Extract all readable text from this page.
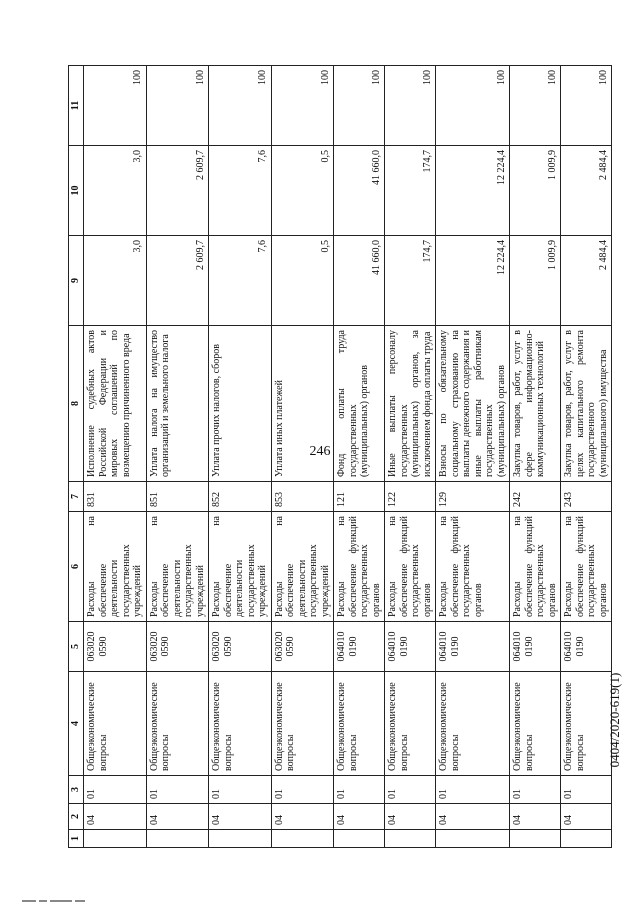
246
1	2	3	4	5	6	7	8	9	10	11
	04	01	Общеэкономические вопросы	063020 0590	Расходы на обеспечение деятельности государственных учреждений	831	Исполнение судебных актов Российской Федерации и мировых соглашений по возмещению причиненного вреда	3,0	3,0	100
	04	01	Общеэкономические вопросы	063020 0590	Расходы на обеспечение деятельности государственных учреждений	851	Уплата налога на имущество организаций и земельного налога	2 609,7	2 609,7	100
	04	01	Общеэкономические вопросы	063020 0590	Расходы на обеспечение деятельности государственных учреждений	852	Уплата прочих налогов, сборов	7,6	7,6	100
	04	01	Общеэкономические вопросы	063020 0590	Расходы на обеспечение деятельности государственных учреждений	853	Уплата иных платежей	0,5	0,5	100
	04	01	Общеэкономические вопросы	064010 0190	Расходы на обеспечение функций государственных органов	121	Фонд оплаты труда государственных (муниципальных) органов	41 660,0	41 660,0	100
	04	01	Общеэкономические вопросы	064010 0190	Расходы на обеспечение функций государственных органов	122	Иные выплаты персоналу государственных (муниципальных) органов, за исключением фонда оплаты труда	174,7	174,7	100
	04	01	Общеэкономические вопросы	064010 0190	Расходы на обеспечение функций государственных органов	129	Взносы по обязательному социальному страхованию на выплаты денежного содержания и иные выплаты работникам государственных (муниципальных) органов	12 224,4	12 224,4	100
	04	01	Общеэкономические вопросы	064010 0190	Расходы на обеспечение функций государственных органов	242	Закупка товаров, работ, услуг в сфере информационно-коммуникационных технологий	1 009,9	1 009,9	100
	04	01	Общеэкономические вопросы	064010 0190	Расходы на обеспечение функций государственных органов	243	Закупка товаров, работ, услуг в целях капитального ремонта государственного (муниципального) имущества	2 484,4	2 484,4	100
0404/2020-619(1)
